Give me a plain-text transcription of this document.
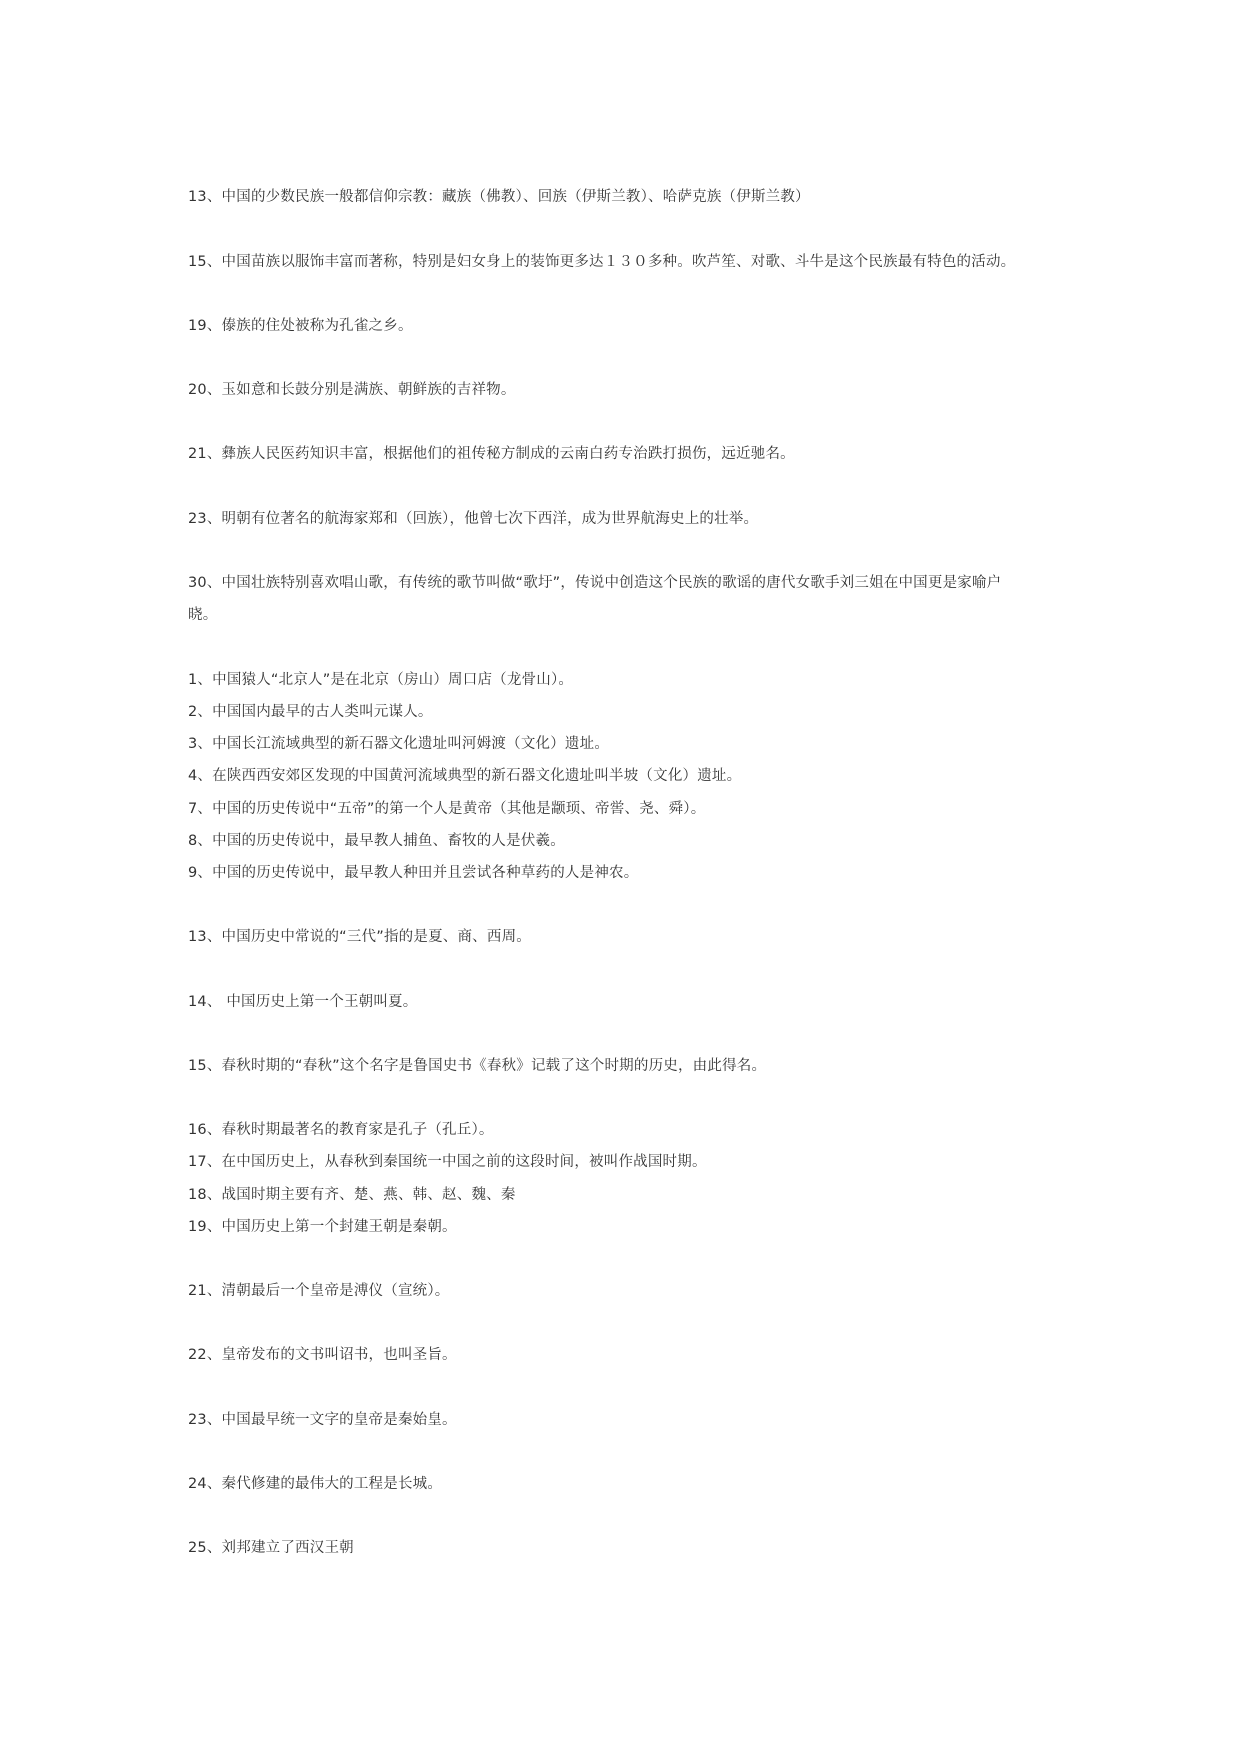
13、中国的少数民族一般都信仰宗教：藏族（佛教）、回族（伊斯兰教）、哈萨克族（伊斯兰教）
15、中国苗族以服饰丰富而著称，特别是妇女身上的装饰更多达１３０多种。吹芦笙、对歌、斗牛是这个民族最有特色的活动。
19、傣族的住处被称为孔雀之乡。
20、玉如意和长鼓分别是满族、朝鲜族的吉祥物。
21、彝族人民医药知识丰富，根据他们的祖传秘方制成的云南白药专治跌打损伤，远近驰名。
23、明朝有位著名的航海家郑和（回族），他曾七次下西洋，成为世界航海史上的壮举。
30、中国壮族特别喜欢唱山歌，有传统的歌节叫做“歌圩”，传说中创造这个民族的歌谣的唐代女歌手刘三姐在中国更是家喻户
晓。
1、中国猿人“北京人”是在北京（房山）周口店（龙骨山）。
2、中国国内最早的古人类叫元谋人。
3、中国长江流域典型的新石器文化遗址叫河姆渡（文化）遗址。
4、在陕西西安郊区发现的中国黄河流域典型的新石器文化遗址叫半坡（文化）遗址。
7、中国的历史传说中“五帝”的第一个人是黄帝（其他是颛顼、帝喾、尧、舜）。
8、中国的历史传说中，最早教人捕鱼、畜牧的人是伏羲。
9、中国的历史传说中，最早教人种田并且尝试各种草药的人是神农。
13、中国历史中常说的“三代”指的是夏、商、西周。
14、 中国历史上第一个王朝叫夏。
15、春秋时期的“春秋”这个名字是鲁国史书《春秋》记载了这个时期的历史，由此得名。
16、春秋时期最著名的教育家是孔子（孔丘）。
17、在中国历史上，从春秋到秦国统一中国之前的这段时间，被叫作战国时期。
18、战国时期主要有齐、楚、燕、韩、赵、魏、秦
19、中国历史上第一个封建王朝是秦朝。
21、清朝最后一个皇帝是溥仪（宣统）。
22、皇帝发布的文书叫诏书，也叫圣旨。
23、中国最早统一文字的皇帝是秦始皇。
24、秦代修建的最伟大的工程是长城。
25、刘邦建立了西汉王朝
